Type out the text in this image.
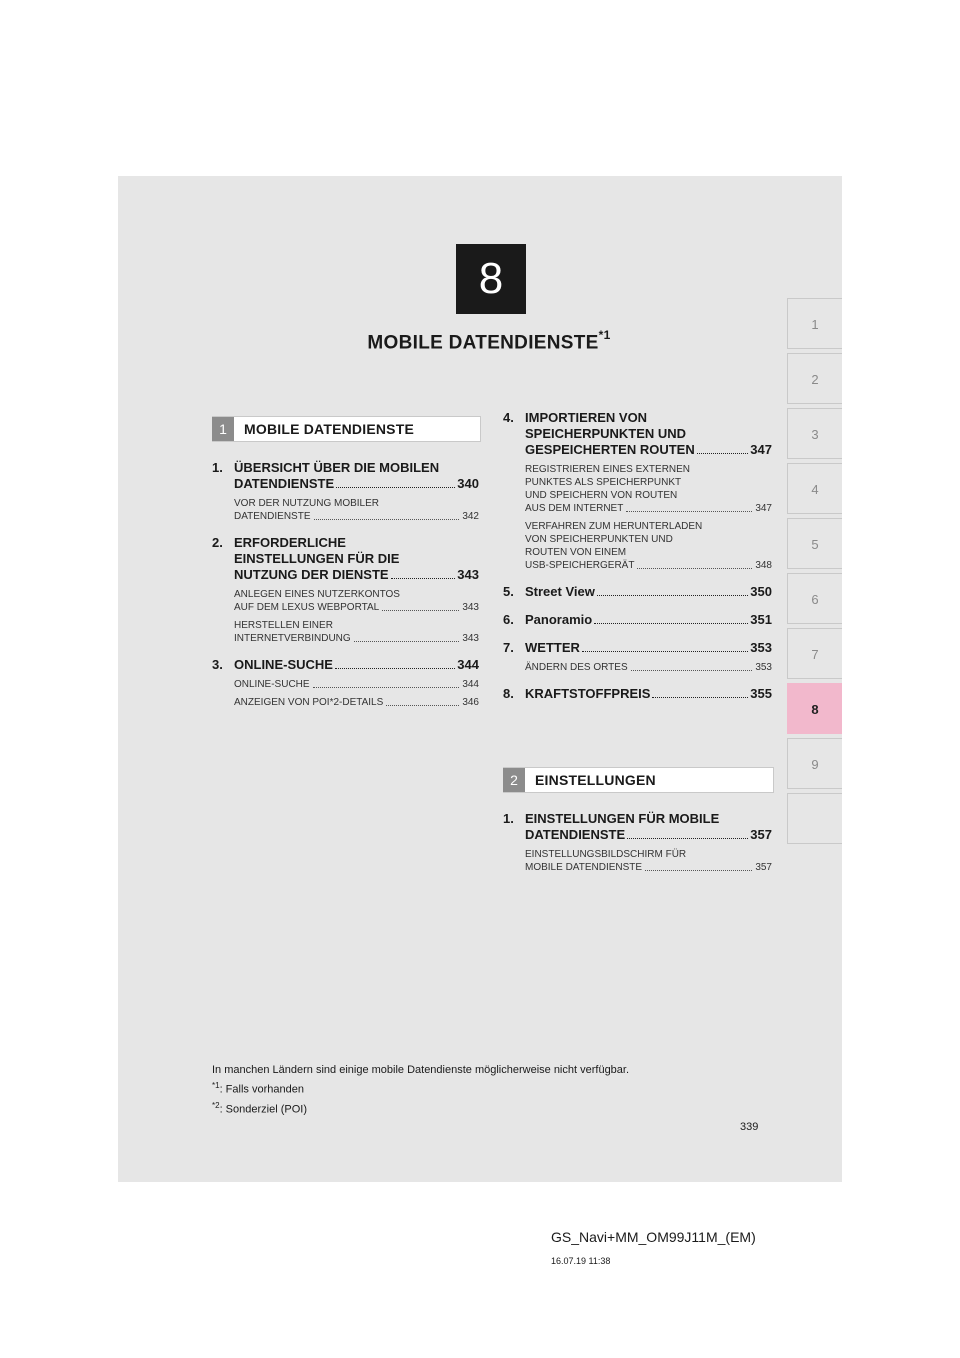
8
MOBILE DATENDIENSTE$^{*1}$
1
2
3
4
5
6
7
8
9
1	MOBILE DATENDIENSTE
2	EINSTELLUNGEN
1. ÜBERSICHT ÜBER DIE MOBILEN
DATENDIENSTE	340
VOR DER NUTZUNG MOBILER
DATENDIENSTE	342
2. ERFORDERLICHE
EINSTELLUNGEN FÜR DIE
NUTZUNG DER DIENSTE	343
ANLEGEN EINES NUTZERKONTOS
AUF DEM LEXUS WEBPORTAL	343
HERSTELLEN EINER
INTERNETVERBINDUNG	343
3. ONLINE-SUCHE	344
ONLINE-SUCHE	344
ANZEIGEN VON POI*2-DETAILS	346
4. IMPORTIEREN VON
SPEICHERPUNKTEN UND
GESPEICHERTEN ROUTEN	347
REGISTRIEREN EINES EXTERNEN
PUNKTES ALS SPEICHERPUNKT
UND SPEICHERN VON ROUTEN
AUS DEM INTERNET	347
VERFAHREN ZUM HERUNTERLADEN
VON SPEICHERPUNKTEN UND
ROUTEN VON EINEM
USB-SPEICHERGERÄT	348
5. Street View	350
6. Panoramio	351
7. WETTER	353
ÄNDERN DES ORTES	353
8. KRAFTSTOFFPREIS	355
1. EINSTELLUNGEN FÜR MOBILE
DATENDIENSTE	357
EINSTELLUNGSBILDSCHIRM FÜR
MOBILE DATENDIENSTE	357
In manchen Ländern sind einige mobile Datendienste möglicherweise nicht verfügbar.
$^{*1}$: Falls vorhanden
$^{*2}$: Sonderziel (POI)
339
GS_Navi+MM_OM99J11M_(EM)
16.07.19 11:38
